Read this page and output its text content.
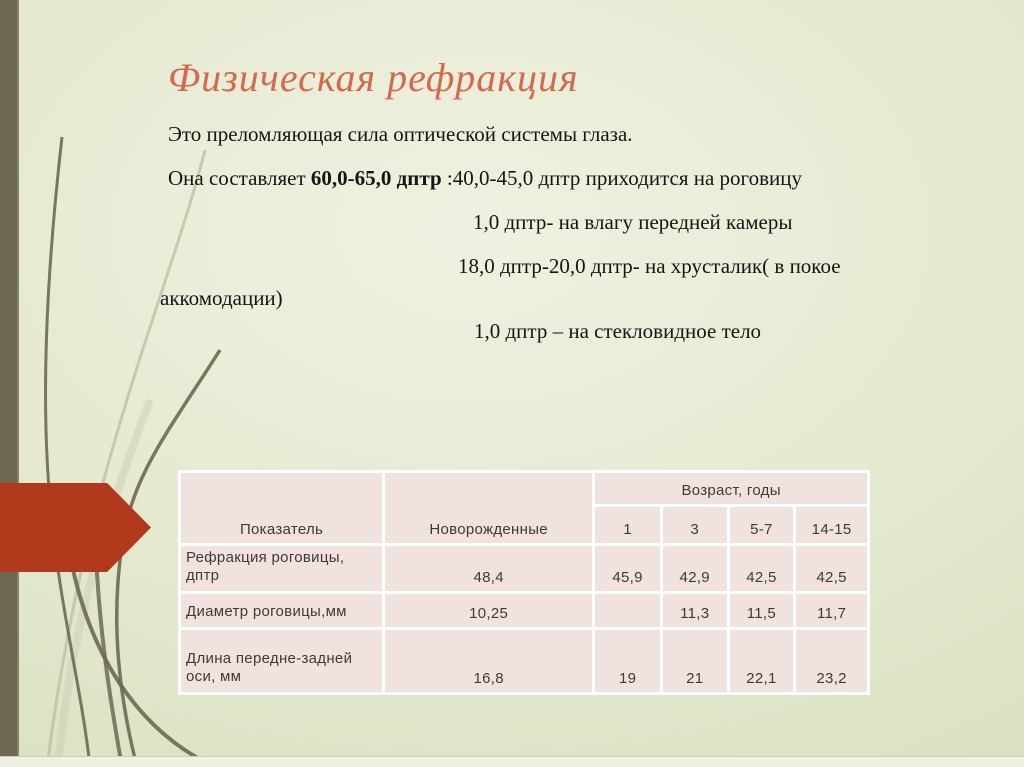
Физическая рефракция
Это преломляющая сила оптической системы глаза.
Она составляет 60,0-65,0 дптр :40,0-45,0 дптр приходится на роговицу
1,0 дптр- на влагу передней камеры
18,0 дптр-20,0 дптр- на хрусталик( в покое
аккомодации)
1,0 дптр – на стекловидное тело
Показатель	Новорожденные	Возраст, годы			
		1	3	5-7	14-15
Рефракция роговицы, дптр	48,4	45,9	42,9	42,5	42,5
Диаметр роговицы,мм	10,25		11,3	11,5	11,7
Длина передне-задней оси, мм	16,8	19	21	22,1	23,2
